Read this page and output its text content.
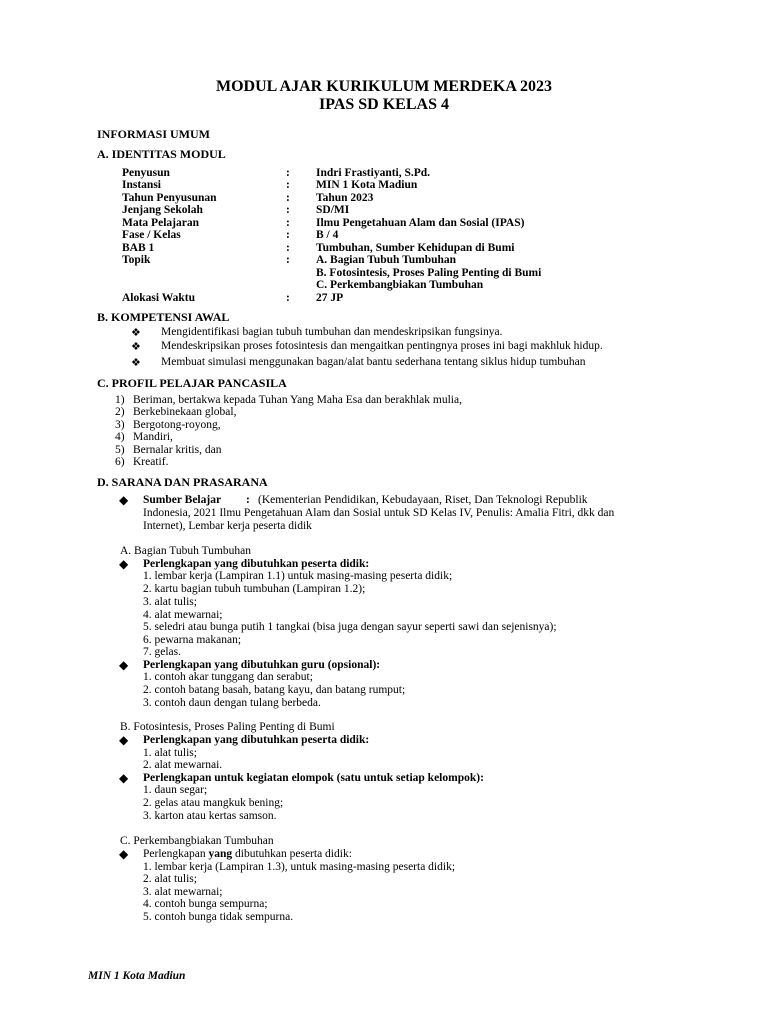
MODUL AJAR KURIKULUM MERDEKA 2023
IPAS SD KELAS 4
INFORMASI UMUM
A. IDENTITAS MODUL
Penyusun	: Indri Frastiyanti, S.Pd.
Instansi	: MIN 1 Kota Madiun
Tahun Penyusunan	: Tahun 2023
Jenjang Sekolah	: SD/MI
Mata Pelajaran	: Ilmu Pengetahuan Alam dan Sosial (IPAS)
Fase / Kelas	: B / 4
BAB 1	: Tumbuhan, Sumber Kehidupan di Bumi
Topik	: A. Bagian Tubuh Tumbuhan
B. Fotosintesis, Proses Paling Penting di Bumi
C. Perkembangbiakan Tumbuhan
Alokasi Waktu	: 27 JP
B. KOMPETENSI AWAL
❖ Mengidentifikasi bagian tubuh tumbuhan dan mendeskripsikan fungsinya.
❖ Mendeskripsikan proses fotosintesis dan mengaitkan pentingnya proses ini bagi makhluk hidup.
❖ Membuat simulasi menggunakan bagan/alat bantu sederhana tentang siklus hidup tumbuhan
C. PROFIL PELAJAR PANCASILA
1) Beriman, bertakwa kepada Tuhan Yang Maha Esa dan berakhlak mulia,
2) Berkebinekaan global,
3) Bergotong-royong,
4) Mandiri,
5) Bernalar kritis, dan
6) Kreatif.
D. SARANA DAN PRASARANA
◆ Sumber Belajar : (Kementerian Pendidikan, Kebudayaan, Riset, Dan Teknologi Republik
Indonesia, 2021 Ilmu Pengetahuan Alam dan Sosial untuk SD Kelas IV, Penulis: Amalia Fitri, dkk dan
Internet), Lembar kerja peserta didik
A. Bagian Tubuh Tumbuhan
◆ Perlengkapan yang dibutuhkan peserta didik:
1. lembar kerja (Lampiran 1.1) untuk masing-masing peserta didik;
2. kartu bagian tubuh tumbuhan (Lampiran 1.2);
3. alat tulis;
4. alat mewarnai;
5. seledri atau bunga putih 1 tangkai (bisa juga dengan sayur seperti sawi dan sejenisnya);
6. pewarna makanan;
7. gelas.
◆ Perlengkapan yang dibutuhkan guru (opsional):
1. contoh akar tunggang dan serabut;
2. contoh batang basah, batang kayu, dan batang rumput;
3. contoh daun dengan tulang berbeda.
B. Fotosintesis, Proses Paling Penting di Bumi
◆ Perlengkapan yang dibutuhkan peserta didik:
1. alat tulis;
2. alat mewarnai.
◆ Perlengkapan untuk kegiatan elompok (satu untuk setiap kelompok):
1. daun segar;
2. gelas atau mangkuk bening;
3. karton atau kertas samson.
C. Perkembangbiakan Tumbuhan
◆ Perlengkapan yang dibutuhkan peserta didik:
1. lembar kerja (Lampiran 1.3), untuk masing-masing peserta didik;
2. alat tulis;
3. alat mewarnai;
4. contoh bunga sempurna;
5. contoh bunga tidak sempurna.
MIN 1 Kota Madiun
